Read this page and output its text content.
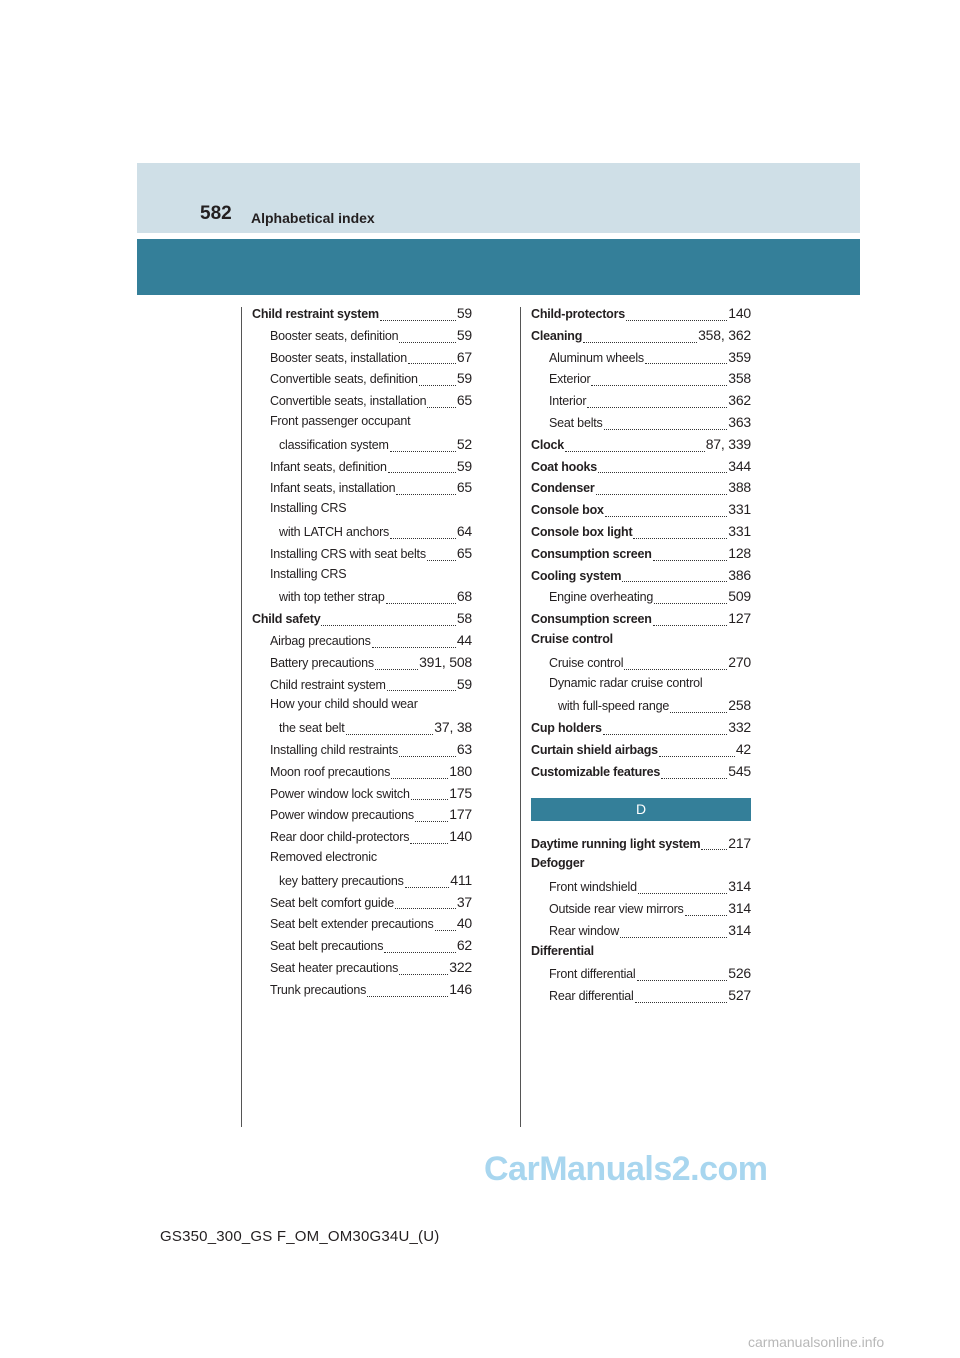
582 Alphabetical index
Child restraint system	59
Booster seats, definition	59
Booster seats, installation	67
Convertible seats, definition	59
Convertible seats, installation 65
Front passenger occupant
classification system	52
Infant seats, definition	59
Infant seats, installation	65
Installing CRS
with LATCH anchors	64
Installing CRS with seat belts 65
Installing CRS
with top tether strap	68
Child safety	58
Airbag precautions	44
Battery precautions	391, 508
Child restraint system	59
How your child should wear
the seat belt	37, 38
Installing child restraints	63
Moon roof precautions	180
Power window lock switch	175
Power window precautions	177
Rear door child-protectors	140
Removed electronic
key battery precautions	411
Seat belt comfort guide	37
Seat belt extender precautions 40
Seat belt precautions	62
Seat heater precautions	322
Trunk precautions	146
Child-protectors	140
Cleaning	358, 362
Aluminum wheels	359
Exterior	358
Interior	362
Seat belts	363
Clock	87, 339
Coat hooks	344
Condenser	388
Console box	331
Console box light	331
Consumption screen	128
Cooling system	386
Engine overheating	509
Consumption screen	127
Cruise control
Cruise control	270
Dynamic radar cruise control
with full-speed range	258
Cup holders	332
Curtain shield airbags	42
Customizable features	545
D
Daytime running light system 217
Defogger
Front windshield	314
Outside rear view mirrors	314
Rear window	314
Differential
Front differential	526
Rear differential	527
GS350_300_GS F_OM_OM30G34U_(U)
CarManuals2.com
carmanualsonline.info
